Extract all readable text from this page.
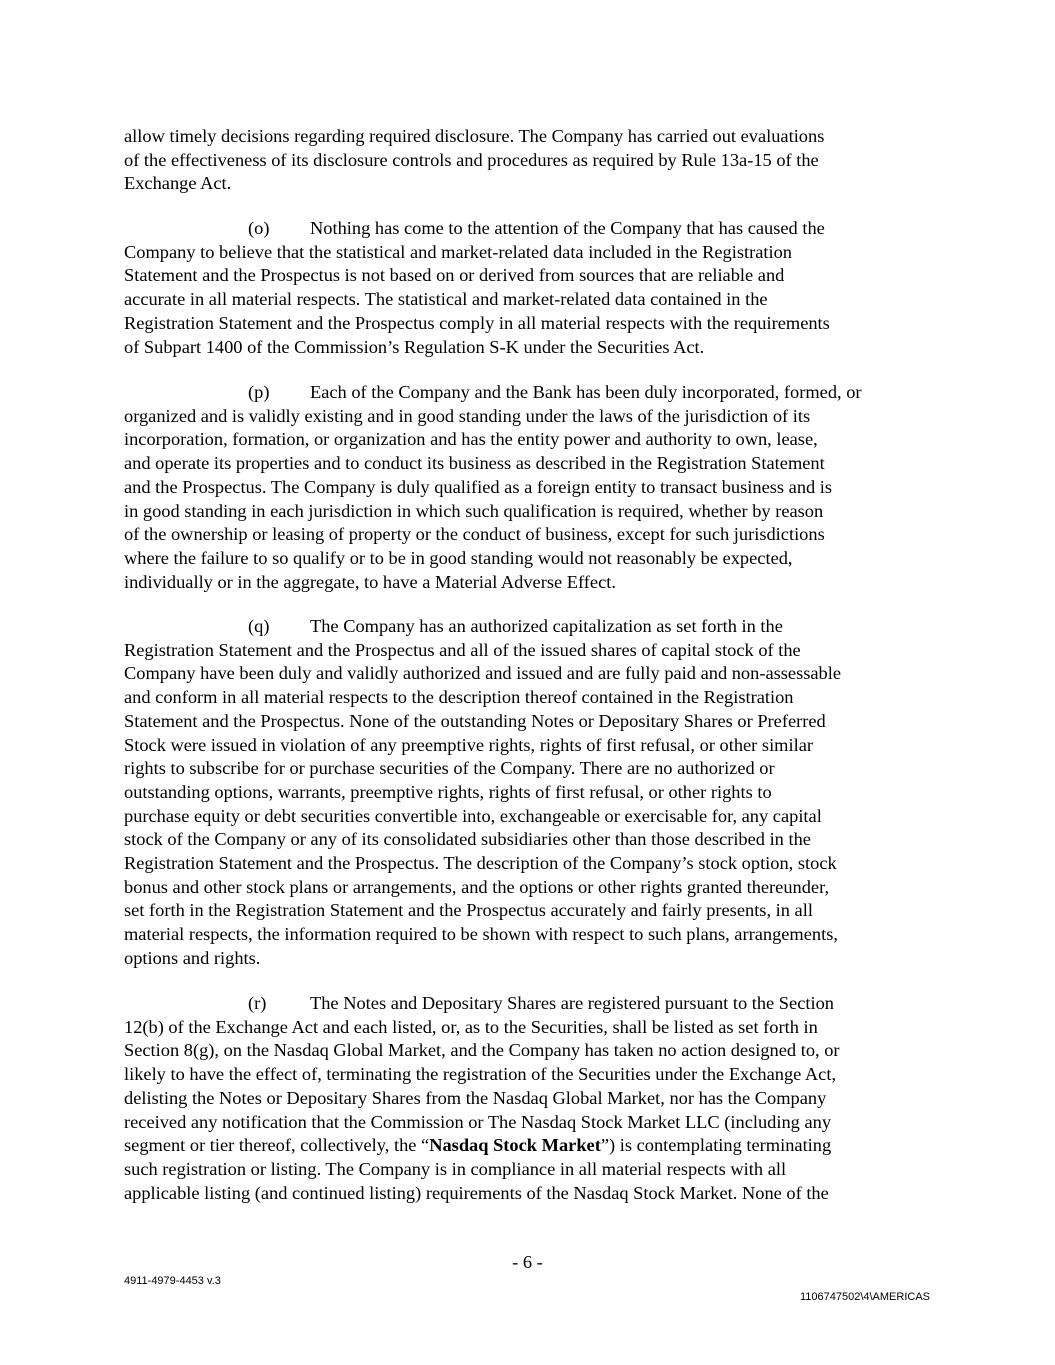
allow timely decisions regarding required disclosure. The Company has carried out evaluations
of the effectiveness of its disclosure controls and procedures as required by Rule 13a-15 of the
Exchange Act.
(o) Nothing has come to the attention of the Company that has caused the
Company to believe that the statistical and market-related data included in the Registration
Statement and the Prospectus is not based on or derived from sources that are reliable and
accurate in all material respects. The statistical and market-related data contained in the
Registration Statement and the Prospectus comply in all material respects with the requirements
of Subpart 1400 of the Commission’s Regulation S-K under the Securities Act.
(p) Each of the Company and the Bank has been duly incorporated, formed, or
organized and is validly existing and in good standing under the laws of the jurisdiction of its
incorporation, formation, or organization and has the entity power and authority to own, lease,
and operate its properties and to conduct its business as described in the Registration Statement
and the Prospectus. The Company is duly qualified as a foreign entity to transact business and is
in good standing in each jurisdiction in which such qualification is required, whether by reason
of the ownership or leasing of property or the conduct of business, except for such jurisdictions
where the failure to so qualify or to be in good standing would not reasonably be expected,
individually or in the aggregate, to have a Material Adverse Effect.
(q) The Company has an authorized capitalization as set forth in the
Registration Statement and the Prospectus and all of the issued shares of capital stock of the
Company have been duly and validly authorized and issued and are fully paid and non-assessable
and conform in all material respects to the description thereof contained in the Registration
Statement and the Prospectus. None of the outstanding Notes or Depositary Shares or Preferred
Stock were issued in violation of any preemptive rights, rights of first refusal, or other similar
rights to subscribe for or purchase securities of the Company. There are no authorized or
outstanding options, warrants, preemptive rights, rights of first refusal, or other rights to
purchase equity or debt securities convertible into, exchangeable or exercisable for, any capital
stock of the Company or any of its consolidated subsidiaries other than those described in the
Registration Statement and the Prospectus. The description of the Company’s stock option, stock
bonus and other stock plans or arrangements, and the options or other rights granted thereunder,
set forth in the Registration Statement and the Prospectus accurately and fairly presents, in all
material respects, the information required to be shown with respect to such plans, arrangements,
options and rights.
(r) The Notes and Depositary Shares are registered pursuant to the Section
12(b) of the Exchange Act and each listed, or, as to the Securities, shall be listed as set forth in
Section 8(g), on the Nasdaq Global Market, and the Company has taken no action designed to, or
likely to have the effect of, terminating the registration of the Securities under the Exchange Act,
delisting the Notes or Depositary Shares from the Nasdaq Global Market, nor has the Company
received any notification that the Commission or The Nasdaq Stock Market LLC (including any
segment or tier thereof, collectively, the “Nasdaq Stock Market”) is contemplating terminating
such registration or listing. The Company is in compliance in all material respects with all
applicable listing (and continued listing) requirements of the Nasdaq Stock Market. None of the
- 6 -
4911-4979-4453 v.3
1106747502\4\AMERICAS
